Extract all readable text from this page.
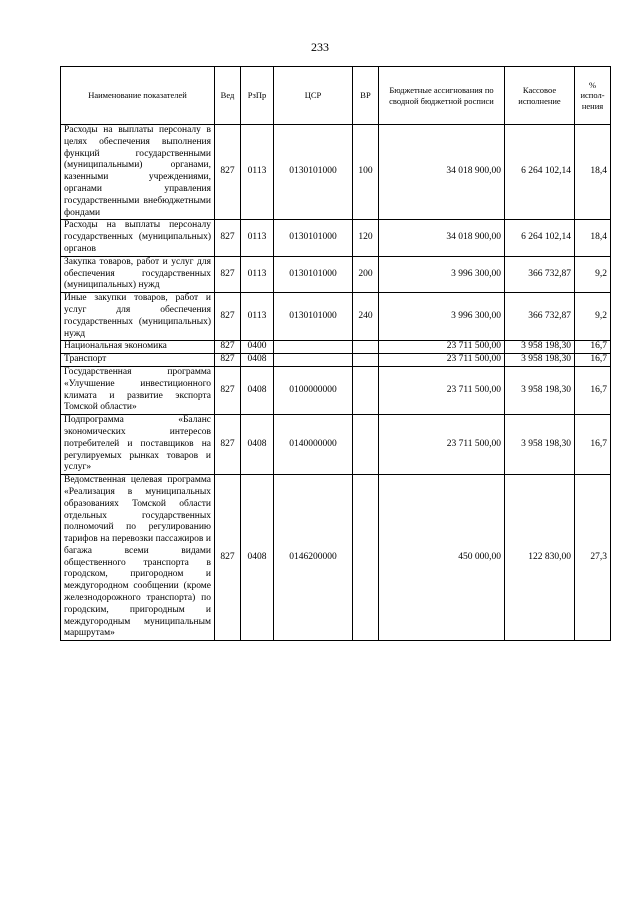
233
Наименование показателей	Вед	РзПр	ЦСР	ВР	Бюджетные ассигнования по сводной бюджетной росписи	Кассовое исполнение	% испол-нения
Расходы на выплаты персоналу в целях обеспечения выполнения функций государственными (муниципальными) органами, казенными учреждениями, органами управления государственными внебюджетными фондами	827	0113	0130101000	100	34 018 900,00	6 264 102,14	18,4
Расходы на выплаты персоналу государственных (муниципальных) органов	827	0113	0130101000	120	34 018 900,00	6 264 102,14	18,4
Закупка товаров, работ и услуг для обеспечения государственных (муниципальных) нужд	827	0113	0130101000	200	3 996 300,00	366 732,87	9,2
Иные закупки товаров, работ и услуг для обеспечения государственных (муниципальных) нужд	827	0113	0130101000	240	3 996 300,00	366 732,87	9,2
Национальная экономика	827	0400			23 711 500,00	3 958 198,30	16,7
Транспорт	827	0408			23 711 500,00	3 958 198,30	16,7
Государственная программа «Улучшение инвестиционного климата и развитие экспорта Томской области»	827	0408	0100000000		23 711 500,00	3 958 198,30	16,7
Подпрограмма «Баланс экономических интересов потребителей и поставщиков на регулируемых рынках товаров и услуг»	827	0408	0140000000		23 711 500,00	3 958 198,30	16,7
Ведомственная целевая программа «Реализация в муниципальных образованиях Томской области отдельных государственных полномочий по регулированию тарифов на перевозки пассажиров и багажа всеми видами общественного транспорта в городском, пригородном и междугородном сообщении (кроме железнодорожного транспорта) по городским, пригородным и междугородным муниципальным маршрутам»	827	0408	0146200000		450 000,00	122 830,00	27,3
